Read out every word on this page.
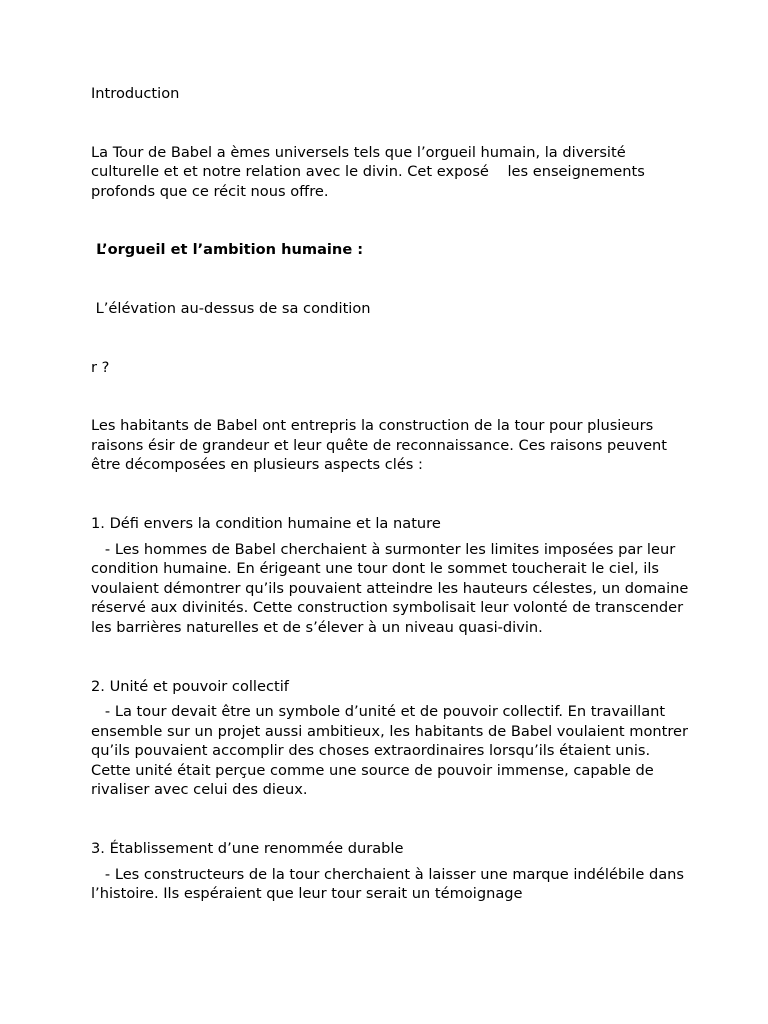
Introduction

La Tour de Babel a èmes universels tels que l’orgueil humain, la diversité culturelle et et notre relation avec le divin. Cet exposé    les enseignements profonds que ce récit nous offre.

L’orgueil et l’ambition humaine :

L’élévation au-dessus de sa condition

r ?

Les habitants de Babel ont entrepris la construction de la tour pour plusieurs raisons ésir de grandeur et leur quête de reconnaissance. Ces raisons peuvent être décomposées en plusieurs aspects clés :

1. Défi envers la condition humaine et la nature

- Les hommes de Babel cherchaient à surmonter les limites imposées par leur condition humaine. En érigeant une tour dont le sommet toucherait le ciel, ils voulaient démontrer qu’ils pouvaient atteindre les hauteurs célestes, un domaine réservé aux divinités. Cette construction symbolisait leur volonté de transcender les barrières naturelles et de s’élever à un niveau quasi-divin.

2. Unité et pouvoir collectif

- La tour devait être un symbole d’unité et de pouvoir collectif. En travaillant ensemble sur un projet aussi ambitieux, les habitants de Babel voulaient montrer qu’ils pouvaient accomplir des choses extraordinaires lorsqu’ils étaient unis. Cette unité était perçue comme une source de pouvoir immense, capable de rivaliser avec celui des dieux.

3. Établissement d’une renommée durable

- Les constructeurs de la tour cherchaient à laisser une marque indélébile dans l’histoire. Ils espéraient que leur tour serait un témoignage
